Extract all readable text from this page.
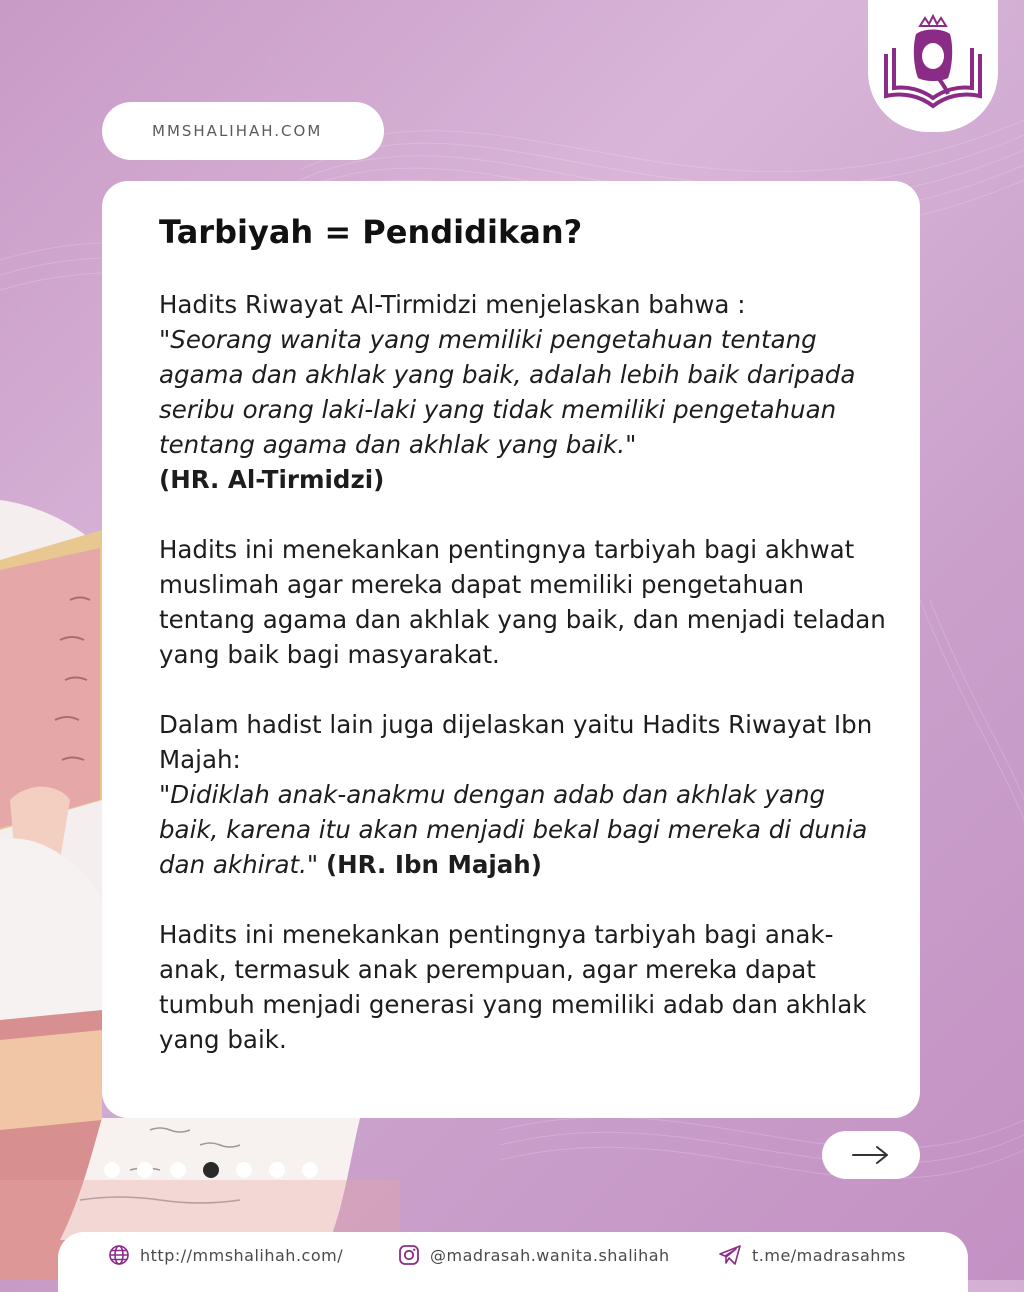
MMSHALIHAH.COM
Tarbiyah = Pendidikan?

Hadits Riwayat Al-Tirmidzi menjelaskan bahwa :
"Seorang wanita yang memiliki pengetahuan tentang agama dan akhlak yang baik, adalah lebih baik daripada seribu orang laki-laki yang tidak memiliki pengetahuan tentang agama dan akhlak yang baik."
(HR. Al-Tirmidzi)

Hadits ini menekankan pentingnya tarbiyah bagi akhwat muslimah agar mereka dapat memiliki pengetahuan tentang agama dan akhlak yang baik, dan menjadi teladan yang baik bagi masyarakat.

Dalam hadist lain juga dijelaskan yaitu Hadits Riwayat Ibn Majah:
"Didiklah anak-anakmu dengan adab dan akhlak yang baik, karena itu akan menjadi bekal bagi mereka di dunia dan akhirat." (HR. Ibn Majah)

Hadits ini menekankan pentingnya tarbiyah bagi anak-anak, termasuk anak perempuan, agar mereka dapat tumbuh menjadi generasi yang memiliki adab dan akhlak yang baik.

http://mmshalihah.com/	@madrasah.wanita.shalihah	t.me/madrasahms
